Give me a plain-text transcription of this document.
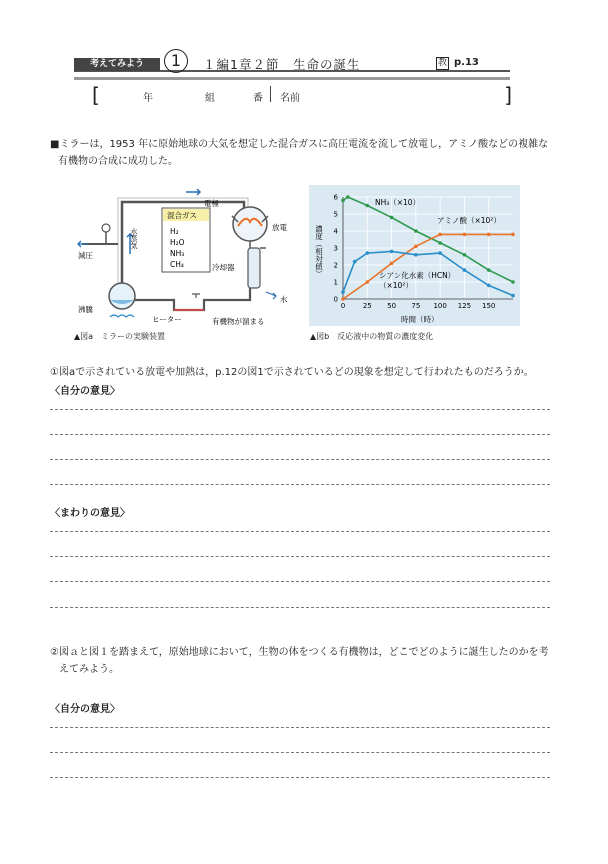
考えてみよう	1	１編1章２節　生命の誕生	教 p.13
[	年	組	番 名前	]
■ミラーは，1953 年に原始地球の大気を想定した混合ガスに高圧電流を流して放電し，アミノ酸などの複雑な
有機物の合成に成功した。
電極
混合ガス
H₂
H₂O
NH₃
CH₄
放電
冷却器
水蒸気
減圧
沸騰
ヒーター
水
有機物が溜まる
▲図a　ミラーの実験装置
0
1
2
3
4
5
6
0	25 50 75 100 125 150
濃度（相対値）
時間（時）
NH₃（×10）
アミノ酸（×10²）
シアン化水素（HCN）
（×10²）
▲図b　反応液中の物質の濃度変化
①図aで示されている放電や加熱は，p.12の図1で示されているどの現象を想定して行われたものだろうか。
〈自分の意見〉
〈まわりの意見〉
②図ａと図１を踏まえて，原始地球において，生物の体をつくる有機物は，どこでどのように誕生したのかを考
えてみよう。
〈自分の意見〉
